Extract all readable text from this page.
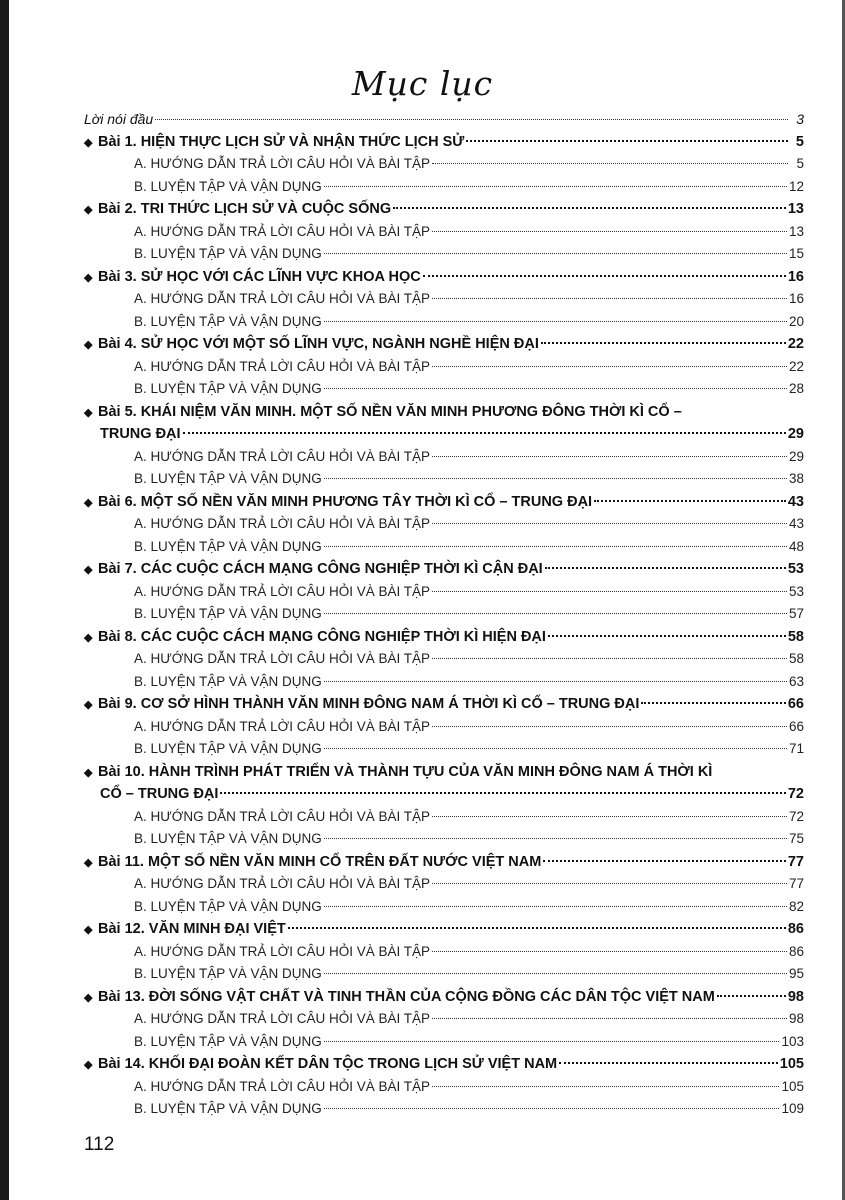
Mục lục
Lời nói đầu	3
◆ Bài 1. HIỆN THỰC LỊCH SỬ VÀ NHẬN THỨC LỊCH SỬ	5
A. HƯỚNG DẪN TRẢ LỜI CÂU HỎI VÀ BÀI TẬP	5
B. LUYỆN TẬP VÀ VẬN DỤNG	12
◆ Bài 2. TRI THỨC LỊCH SỬ VÀ CUỘC SỐNG	13
A. HƯỚNG DẪN TRẢ LỜI CÂU HỎI VÀ BÀI TẬP	13
B. LUYỆN TẬP VÀ VẬN DỤNG	15
◆ Bài 3. SỬ HỌC VỚI CÁC LĨNH VỰC KHOA HỌC	16
A. HƯỚNG DẪN TRẢ LỜI CÂU HỎI VÀ BÀI TẬP	16
B. LUYỆN TẬP VÀ VẬN DỤNG	20
◆ Bài 4. SỬ HỌC VỚI MỘT SỐ LĨNH VỰC, NGÀNH NGHỀ HIỆN ĐẠI	22
A. HƯỚNG DẪN TRẢ LỜI CÂU HỎI VÀ BÀI TẬP	22
B. LUYỆN TẬP VÀ VẬN DỤNG	28
◆ Bài 5. KHÁI NIỆM VĂN MINH. MỘT SỐ NỀN VĂN MINH PHƯƠNG ĐÔNG THỜI KÌ CỔ –
TRUNG ĐẠI	29
A. HƯỚNG DẪN TRẢ LỜI CÂU HỎI VÀ BÀI TẬP	29
B. LUYỆN TẬP VÀ VẬN DỤNG	38
◆ Bài 6. MỘT SỐ NỀN VĂN MINH PHƯƠNG TÂY THỜI KÌ CỔ – TRUNG ĐẠI	43
A. HƯỚNG DẪN TRẢ LỜI CÂU HỎI VÀ BÀI TẬP	43
B. LUYỆN TẬP VÀ VẬN DỤNG	48
◆ Bài 7. CÁC CUỘC CÁCH MẠNG CÔNG NGHIỆP THỜI KÌ CẬN ĐẠI	53
A. HƯỚNG DẪN TRẢ LỜI CÂU HỎI VÀ BÀI TẬP	53
B. LUYỆN TẬP VÀ VẬN DỤNG	57
◆ Bài 8. CÁC CUỘC CÁCH MẠNG CÔNG NGHIỆP THỜI KÌ HIỆN ĐẠI	58
A. HƯỚNG DẪN TRẢ LỜI CÂU HỎI VÀ BÀI TẬP	58
B. LUYỆN TẬP VÀ VẬN DỤNG	63
◆ Bài 9. CƠ SỞ HÌNH THÀNH VĂN MINH ĐÔNG NAM Á THỜI KÌ CỔ – TRUNG ĐẠI	66
A. HƯỚNG DẪN TRẢ LỜI CÂU HỎI VÀ BÀI TẬP	66
B. LUYỆN TẬP VÀ VẬN DỤNG	71
◆ Bài 10. HÀNH TRÌNH PHÁT TRIỂN VÀ THÀNH TỰU CỦA VĂN MINH ĐÔNG NAM Á THỜI KÌ
CỔ – TRUNG ĐẠI	72
A. HƯỚNG DẪN TRẢ LỜI CÂU HỎI VÀ BÀI TẬP	72
B. LUYỆN TẬP VÀ VẬN DỤNG	75
◆ Bài 11. MỘT SỐ NỀN VĂN MINH CỔ TRÊN ĐẤT NƯỚC VIỆT NAM	77
A. HƯỚNG DẪN TRẢ LỜI CÂU HỎI VÀ BÀI TẬP	77
B. LUYỆN TẬP VÀ VẬN DỤNG	82
◆ Bài 12. VĂN MINH ĐẠI VIỆT	86
A. HƯỚNG DẪN TRẢ LỜI CÂU HỎI VÀ BÀI TẬP	86
B. LUYỆN TẬP VÀ VẬN DỤNG	95
◆ Bài 13. ĐỜI SỐNG VẬT CHẤT VÀ TINH THẦN CỦA CỘNG ĐỒNG CÁC DÂN TỘC VIỆT NAM	98
A. HƯỚNG DẪN TRẢ LỜI CÂU HỎI VÀ BÀI TẬP	98
B. LUYỆN TẬP VÀ VẬN DỤNG	103
◆ Bài 14. KHỐI ĐẠI ĐOÀN KẾT DÂN TỘC TRONG LỊCH SỬ VIỆT NAM	105
A. HƯỚNG DẪN TRẢ LỜI CÂU HỎI VÀ BÀI TẬP	105
B. LUYỆN TẬP VÀ VẬN DỤNG	109
112
